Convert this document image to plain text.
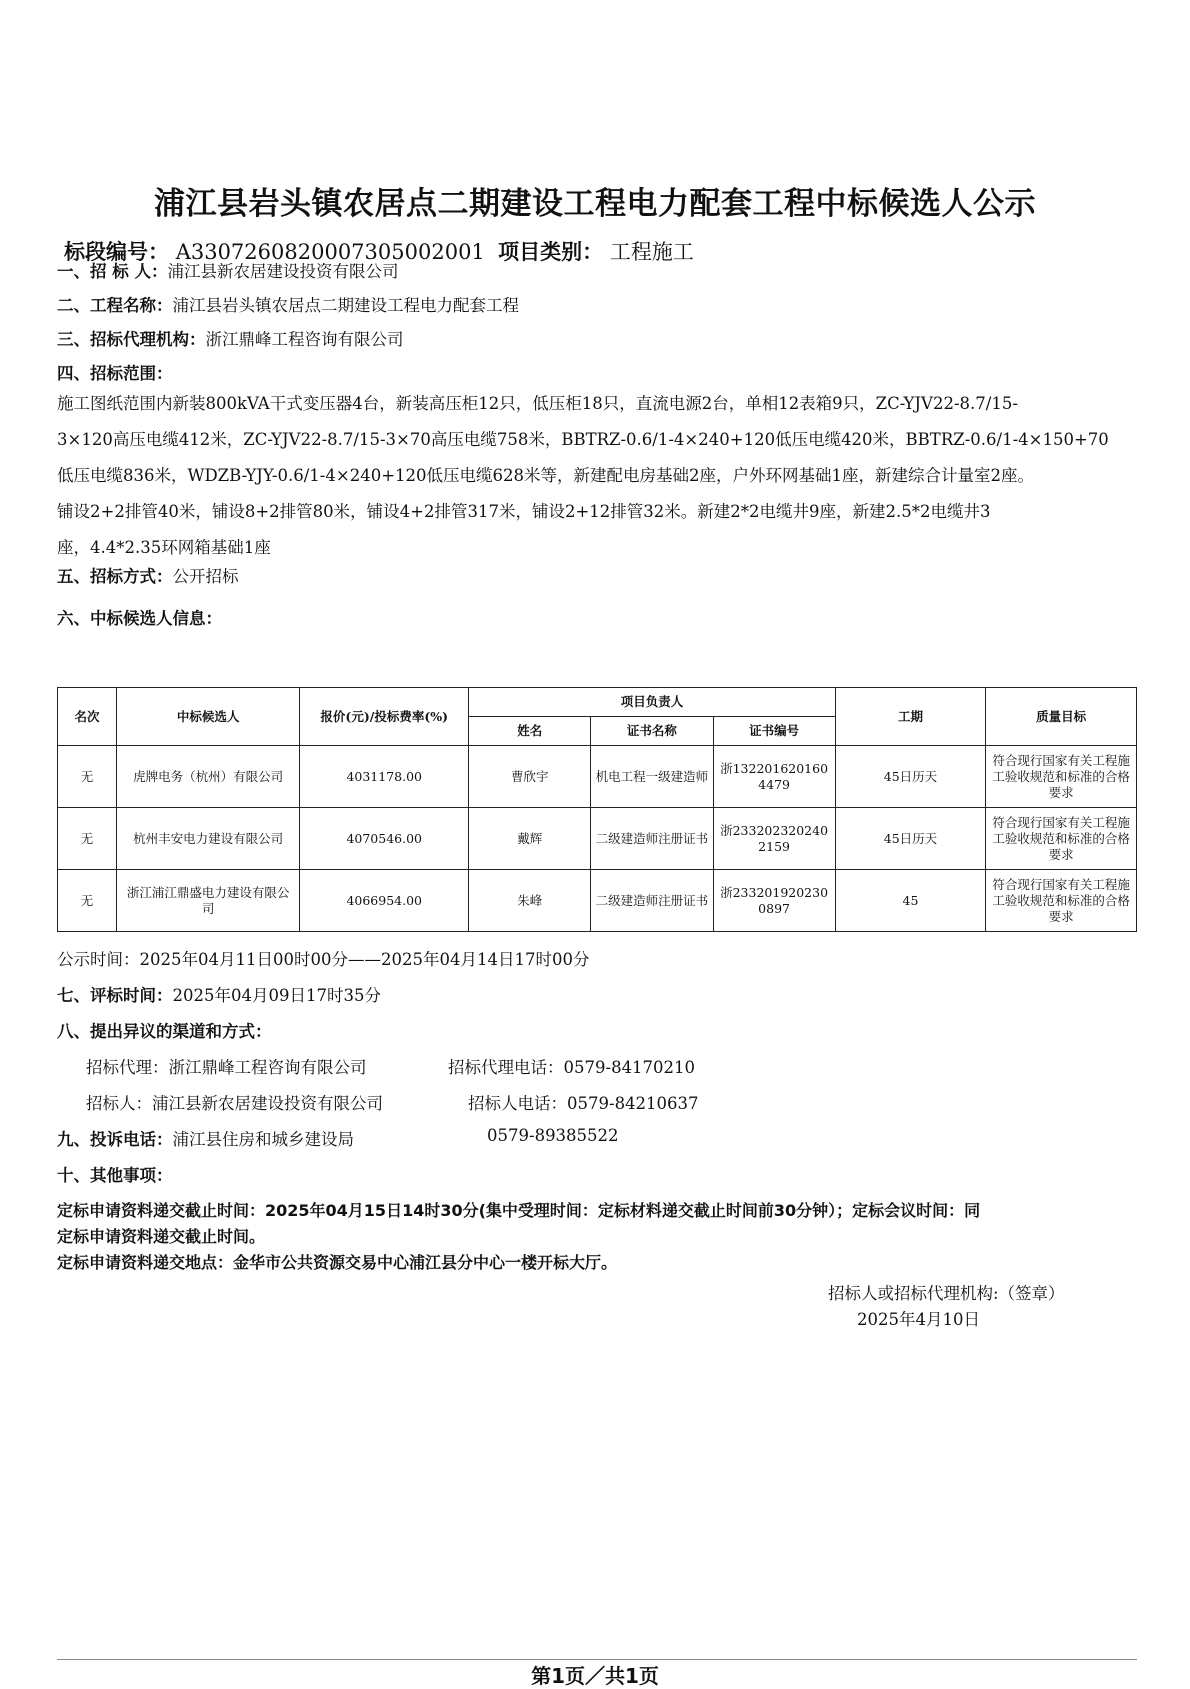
浦江县岩头镇农居点二期建设工程电力配套工程中标候选人公示
标段编号： A3307260820007305002001 项目类别： 工程施工
一、招 标 人：浦江县新农居建设投资有限公司
二、工程名称：浦江县岩头镇农居点二期建设工程电力配套工程
三、招标代理机构：浙江鼎峰工程咨询有限公司
四、招标范围：
施工图纸范围内新装800kVA干式变压器4台，新装高压柜12只，低压柜18只，直流电源2台，单相12表箱9只，ZC-YJV22-8.7/15-
3×120高压电缆412米，ZC-YJV22-8.7/15-3×70高压电缆758米，BBTRZ-0.6/1-4×240+120低压电缆420米，BBTRZ-0.6/1-4×150+70
低压电缆836米，WDZB-YJY-0.6/1-4×240+120低压电缆628米等，新建配电房基础2座，户外环网基础1座，新建综合计量室2座。
铺设2+2排管40米，铺设8+2排管80米，铺设4+2排管317米，铺设2+12排管32米。新建2*2电缆井9座，新建2.5*2电缆井3
座，4.4*2.35环网箱基础1座
五、招标方式：公开招标
六、中标候选人信息：
名次	中标候选人	报价(元)/投标费率(%)	项目负责人			工期	质量目标
			姓名	证书名称	证书编号		
无	虎牌电务（杭州）有限公司	4031178.00	曹欣宇	机电工程一级建造师	浙1322016201604479	45日历天	符合现行国家有关工程施工验收规范和标准的合格要求
无	杭州丰安电力建设有限公司	4070546.00	戴辉	二级建造师注册证书	浙2332023202402159	45日历天	符合现行国家有关工程施工验收规范和标准的合格要求
无	浙江浦江鼎盛电力建设有限公司	4066954.00	朱峰	二级建造师注册证书	浙2332019202300897	45	符合现行国家有关工程施工验收规范和标准的合格要求
公示时间：2025年04月11日00时00分——2025年04月14日17时00分
七、评标时间：2025年04月09日17时35分
八、提出异议的渠道和方式：
招标代理：浙江鼎峰工程咨询有限公司	招标代理电话：0579-84170210
招标人：浦江县新农居建设投资有限公司	招标人电话：0579-84210637
九、投诉电话：浦江县住房和城乡建设局	0579-89385522
十、其他事项：
定标申请资料递交截止时间：2025年04月15日14时30分(集中受理时间：定标材料递交截止时间前30分钟）；定标会议时间：同
定标申请资料递交截止时间。
定标申请资料递交地点：金华市公共资源交易中心浦江县分中心一楼开标大厅。
招标人或招标代理机构:（签章）
2025年4月10日
第1页／共1页
